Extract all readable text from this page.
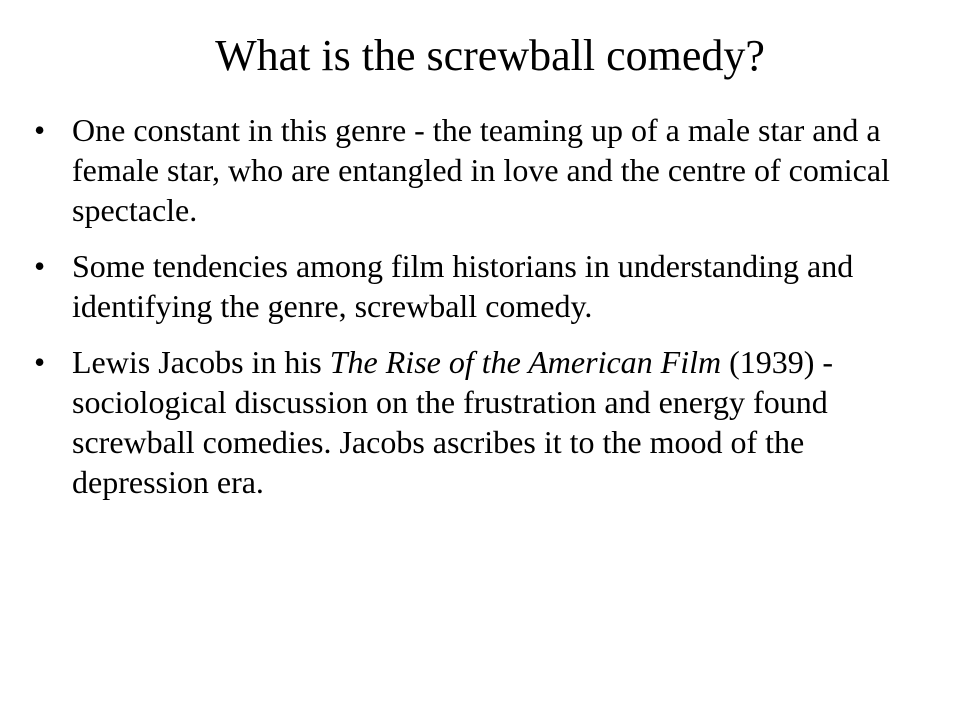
What is the screwball comedy?
• One constant in this genre - the teaming up of a male star and a female star, who are entangled in love and the centre of comical spectacle.
• Some tendencies among film historians in understanding and identifying the genre, screwball comedy.
• Lewis Jacobs in his The Rise of the American Film (1939) - sociological discussion on the frustration and energy found screwball comedies. Jacobs ascribes it to the mood of the depression era.
